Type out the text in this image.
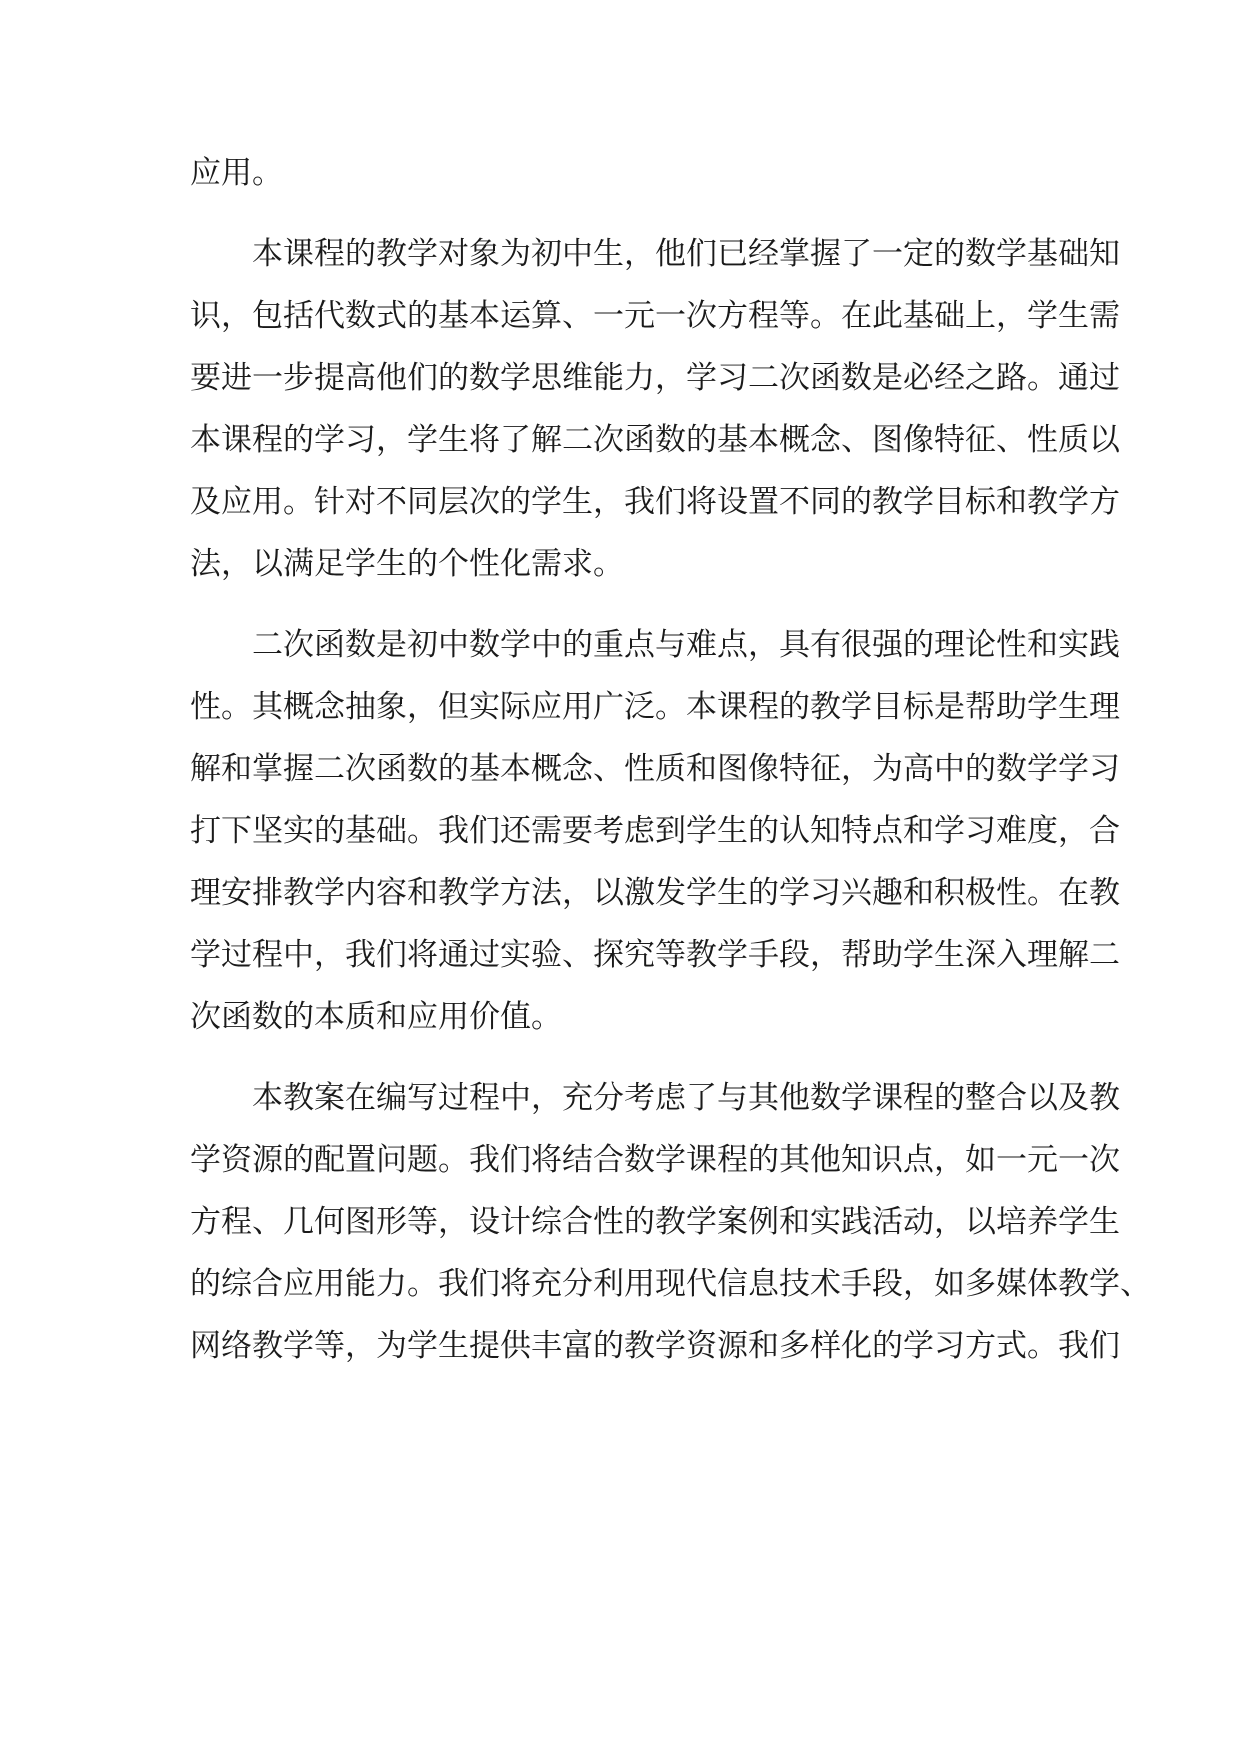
应用。
本课程的教学对象为初中生，他们已经掌握了一定的数学基础知
识，包括代数式的基本运算、一元一次方程等。在此基础上，学生需
要进一步提高他们的数学思维能力，学习二次函数是必经之路。通过
本课程的学习，学生将了解二次函数的基本概念、图像特征、性质以
及应用。针对不同层次的学生，我们将设置不同的教学目标和教学方
法，以满足学生的个性化需求。
二次函数是初中数学中的重点与难点，具有很强的理论性和实践
性。其概念抽象，但实际应用广泛。本课程的教学目标是帮助学生理
解和掌握二次函数的基本概念、性质和图像特征，为高中的数学学习
打下坚实的基础。我们还需要考虑到学生的认知特点和学习难度，合
理安排教学内容和教学方法，以激发学生的学习兴趣和积极性。在教
学过程中，我们将通过实验、探究等教学手段，帮助学生深入理解二
次函数的本质和应用价值。
本教案在编写过程中，充分考虑了与其他数学课程的整合以及教
学资源的配置问题。我们将结合数学课程的其他知识点，如一元一次
方程、几何图形等，设计综合性的教学案例和实践活动，以培养学生
的综合应用能力。我们将充分利用现代信息技术手段，如多媒体教学、
网络教学等，为学生提供丰富的教学资源和多样化的学习方式。我们
